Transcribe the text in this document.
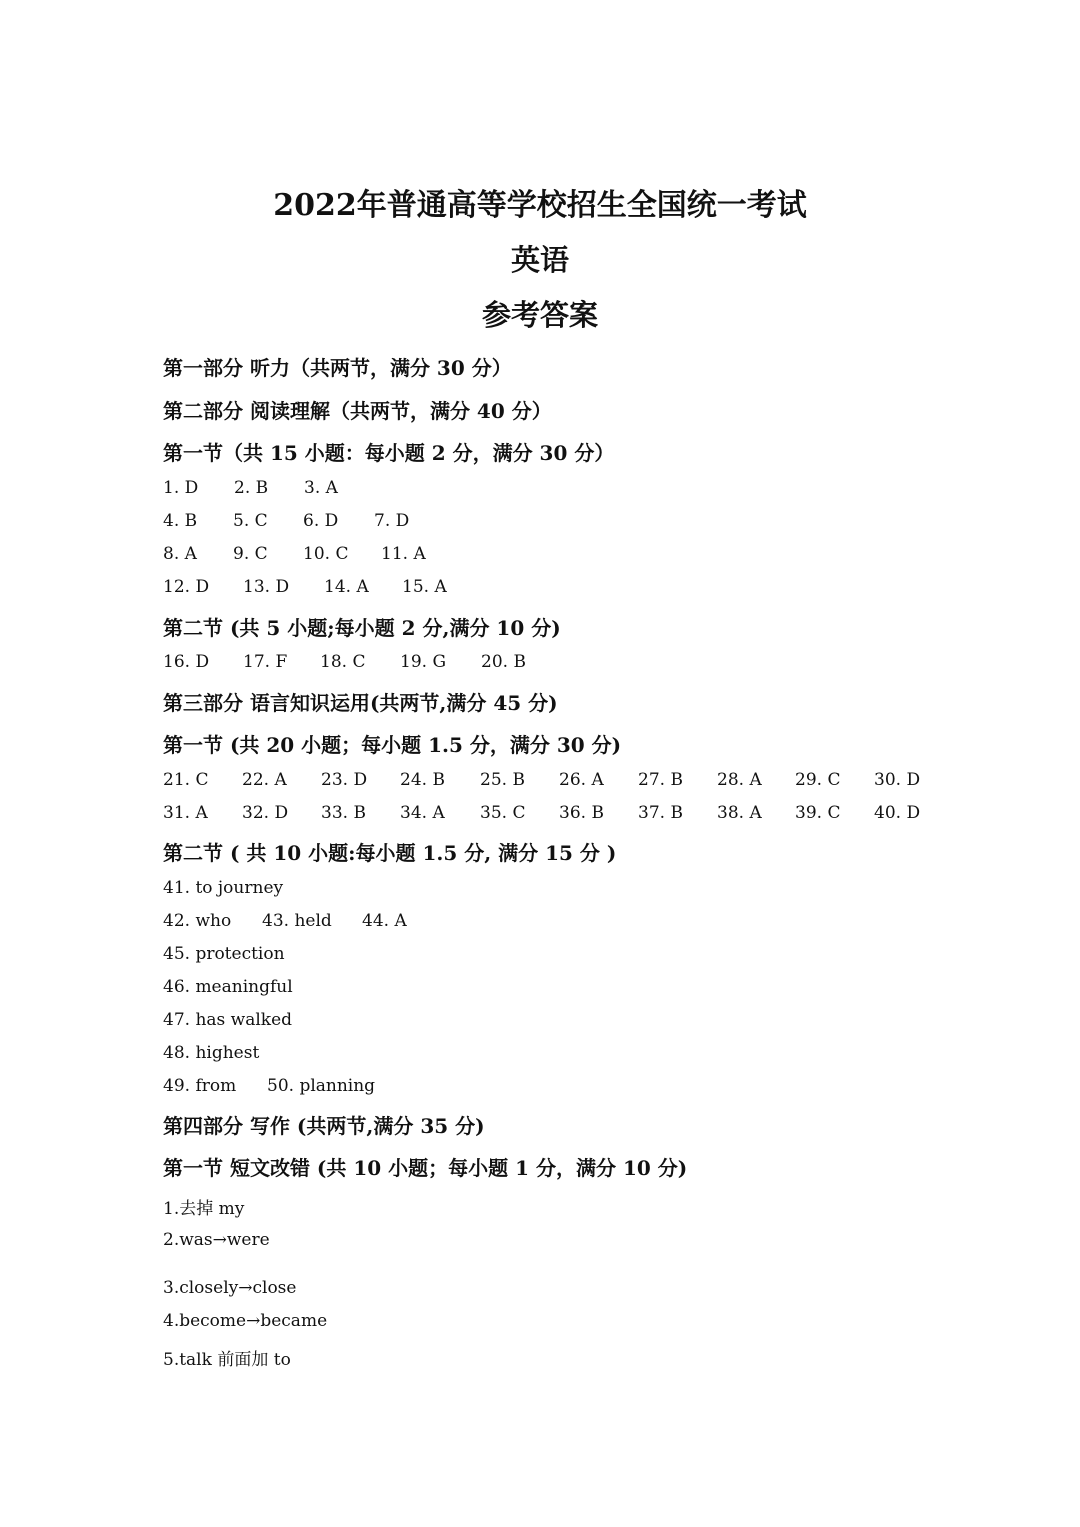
2022年普通高等学校招生全国统一考试
英语
参考答案
第一部分 听力（共两节，满分 30 分）
第二部分 阅读理解（共两节，满分 40 分）
第一节（共 15 小题：每小题 2 分，满分 30 分）
1. D 2. B 3. A
4. B 5. C 6. D 7. D
8. A 9. C 10. C 11. A
12. D 13. D 14. A 15. A
第二节 (共 5 小题;每小题 2 分,满分 10 分)
16. D 17. F 18. C 19. G 20. B
第三部分 语言知识运用(共两节,满分 45 分)
第一节 (共 20 小题；每小题 1.5 分，满分 30 分)
21. C 22. A 23. D 24. B 25. B 26. A 27. B 28. A 29. C 30. D
31. A 32. D 33. B 34. A 35. C 36. B 37. B 38. A 39. C 40. D
第二节 ( 共 10 小题:每小题 1.5 分, 满分 15 分 )
41. to journey
42. who 43. held 44. A
45. protection
46. meaningful
47. has walked
48. highest
49. from 50. planning
第四部分 写作 (共两节,满分 35 分)
第一节 短文改错 (共 10 小题；每小题 1 分，满分 10 分)
1.去掉 my
2.was→were
3.closely→close
4.become→became
5.talk 前面加 to
